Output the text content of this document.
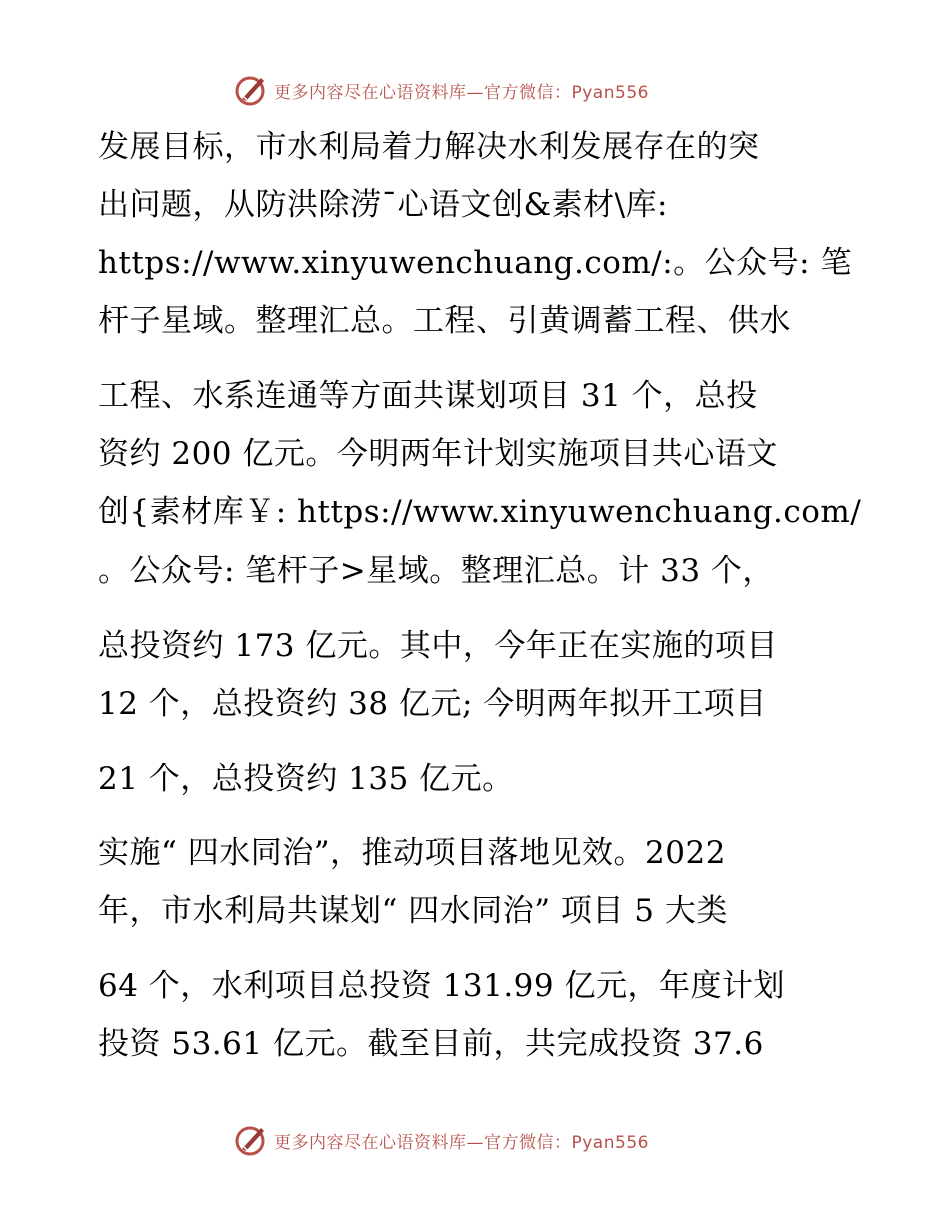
更多内容尽在心语资料库—官方微信：Pyan556
发展目标，市水利局着力解决水利发展存在的突
出问题，从防洪除涝¯心语文创&素材\库:
https://www.xinyuwenchuang.com/:。公众号: 笔
杆子星域。整理汇总。工程、引黄调蓄工程、供水
工程、水系连通等方面共谋划项目 31 个，总投
资约 200 亿元。今明两年计划实施项目共心语文
创{素材库￥: https://www.xinyuwenchuang.com/
。公众号: 笔杆子>星域。整理汇总。计 33 个，
总投资约 173 亿元。其中，今年正在实施的项目
12 个，总投资约 38 亿元; 今明两年拟开工项目
21 个，总投资约 135 亿元。
实施“ 四水同治”，推动项目落地见效。2022
年，市水利局共谋划“ 四水同治” 项目 5 大类
64 个，水利项目总投资 131.99 亿元，年度计划
投资 53.61 亿元。截至目前，共完成投资 37.6
更多内容尽在心语资料库—官方微信：Pyan556
